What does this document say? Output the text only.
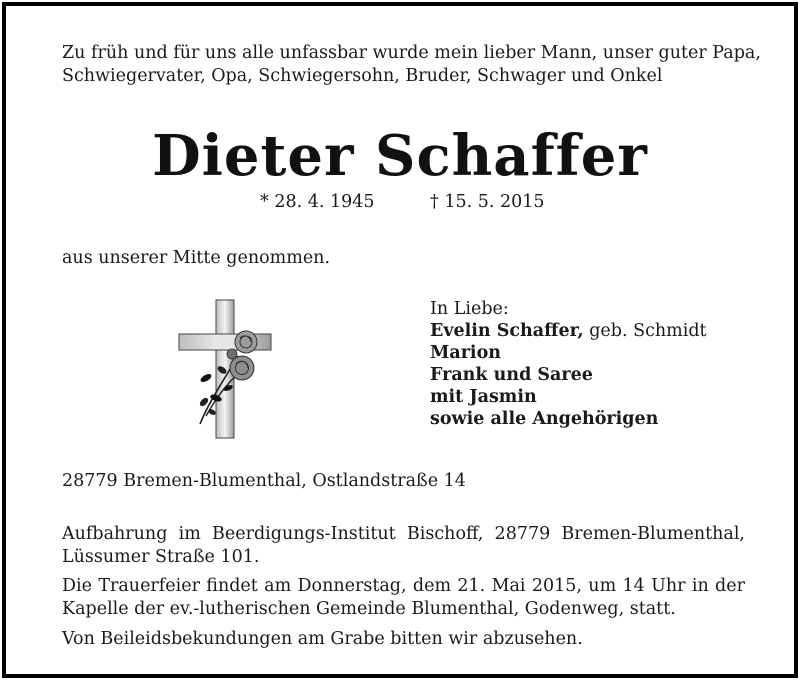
Zu früh und für uns alle unfassbar wurde mein lieber Mann, unser guter Papa,
Schwiegervater, Opa, Schwiegersohn, Bruder, Schwager und Onkel
Dieter Schaffer
* 28. 4. 1945	† 15. 5. 2015
aus unserer Mitte genommen.
In Liebe:
Evelin Schaffer, geb. Schmidt
Marion
Frank und Saree
mit Jasmin
sowie alle Angehörigen
28779 Bremen-Blumenthal, Ostlandstraße 14
Aufbahrung im Beerdigungs-Institut Bischoff, 28779 Bremen-Blumenthal,
Lüssumer Straße 101.
Die Trauerfeier findet am Donnerstag, dem 21. Mai 2015, um 14 Uhr in der
Kapelle der ev.-lutherischen Gemeinde Blumenthal, Godenweg, statt.
Von Beileidsbekundungen am Grabe bitten wir abzusehen.
